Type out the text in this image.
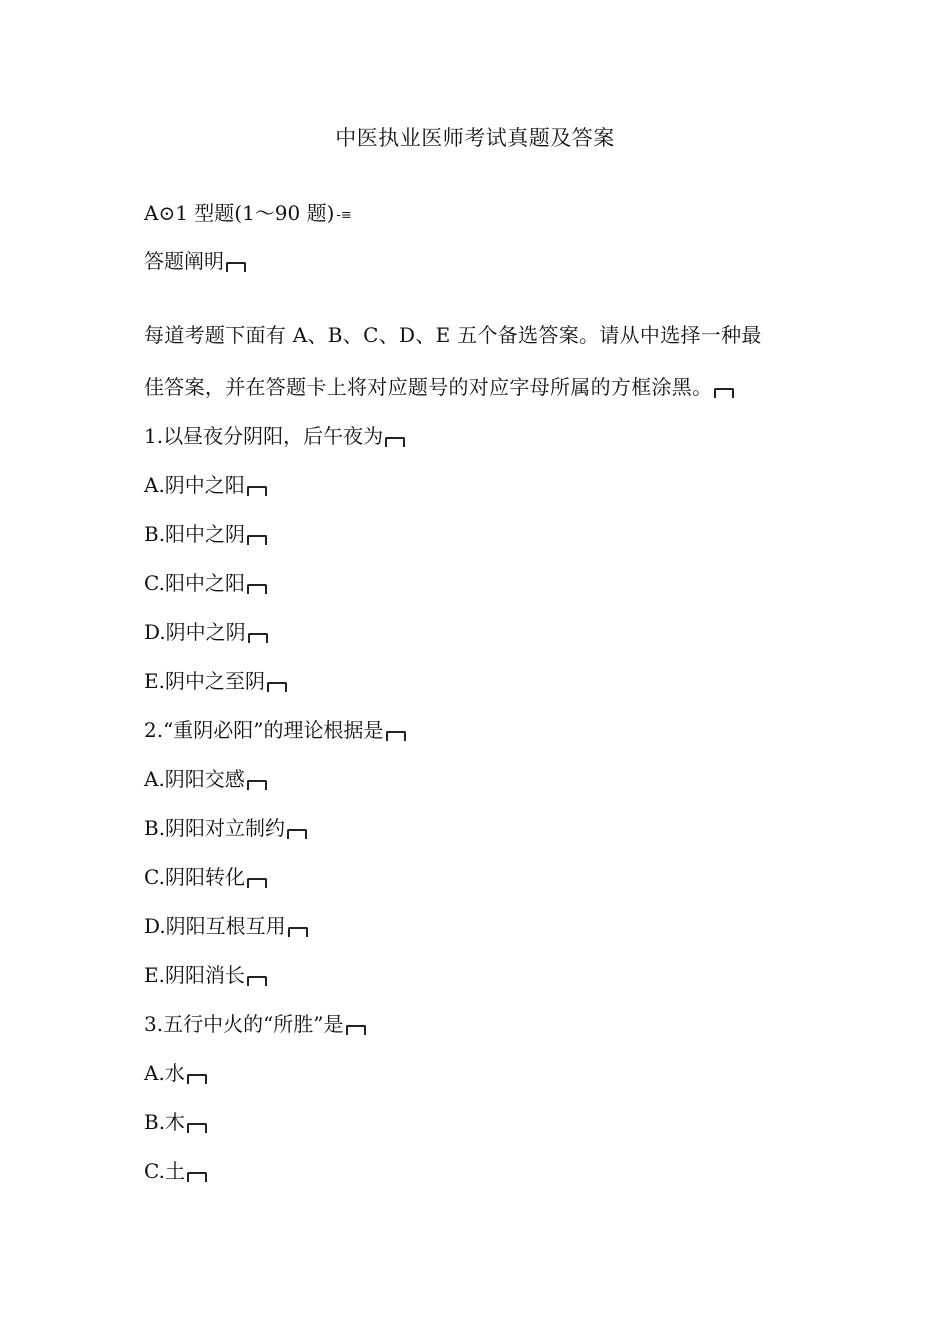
中医执业医师考试真题及答案
A⊙1 型题(1～90 题) -≡
答题阐明
每道考题下面有 A、B、C、D、E 五个备选答案。请从中选择一种最
佳答案，并在答题卡上将对应题号的对应字母所属的方框涂黑。
1.以昼夜分阴阳，后午夜为
A.阴中之阳
B.阳中之阴
C.阳中之阳
D.阴中之阴
E.阴中之至阴
2.“重阴必阳”的理论根据是
A.阴阳交感
B.阴阳对立制约
C.阴阳转化
D.阴阳互根互用
E.阴阳消长
3.五行中火的“所胜”是
A.水
B.木
C.土
